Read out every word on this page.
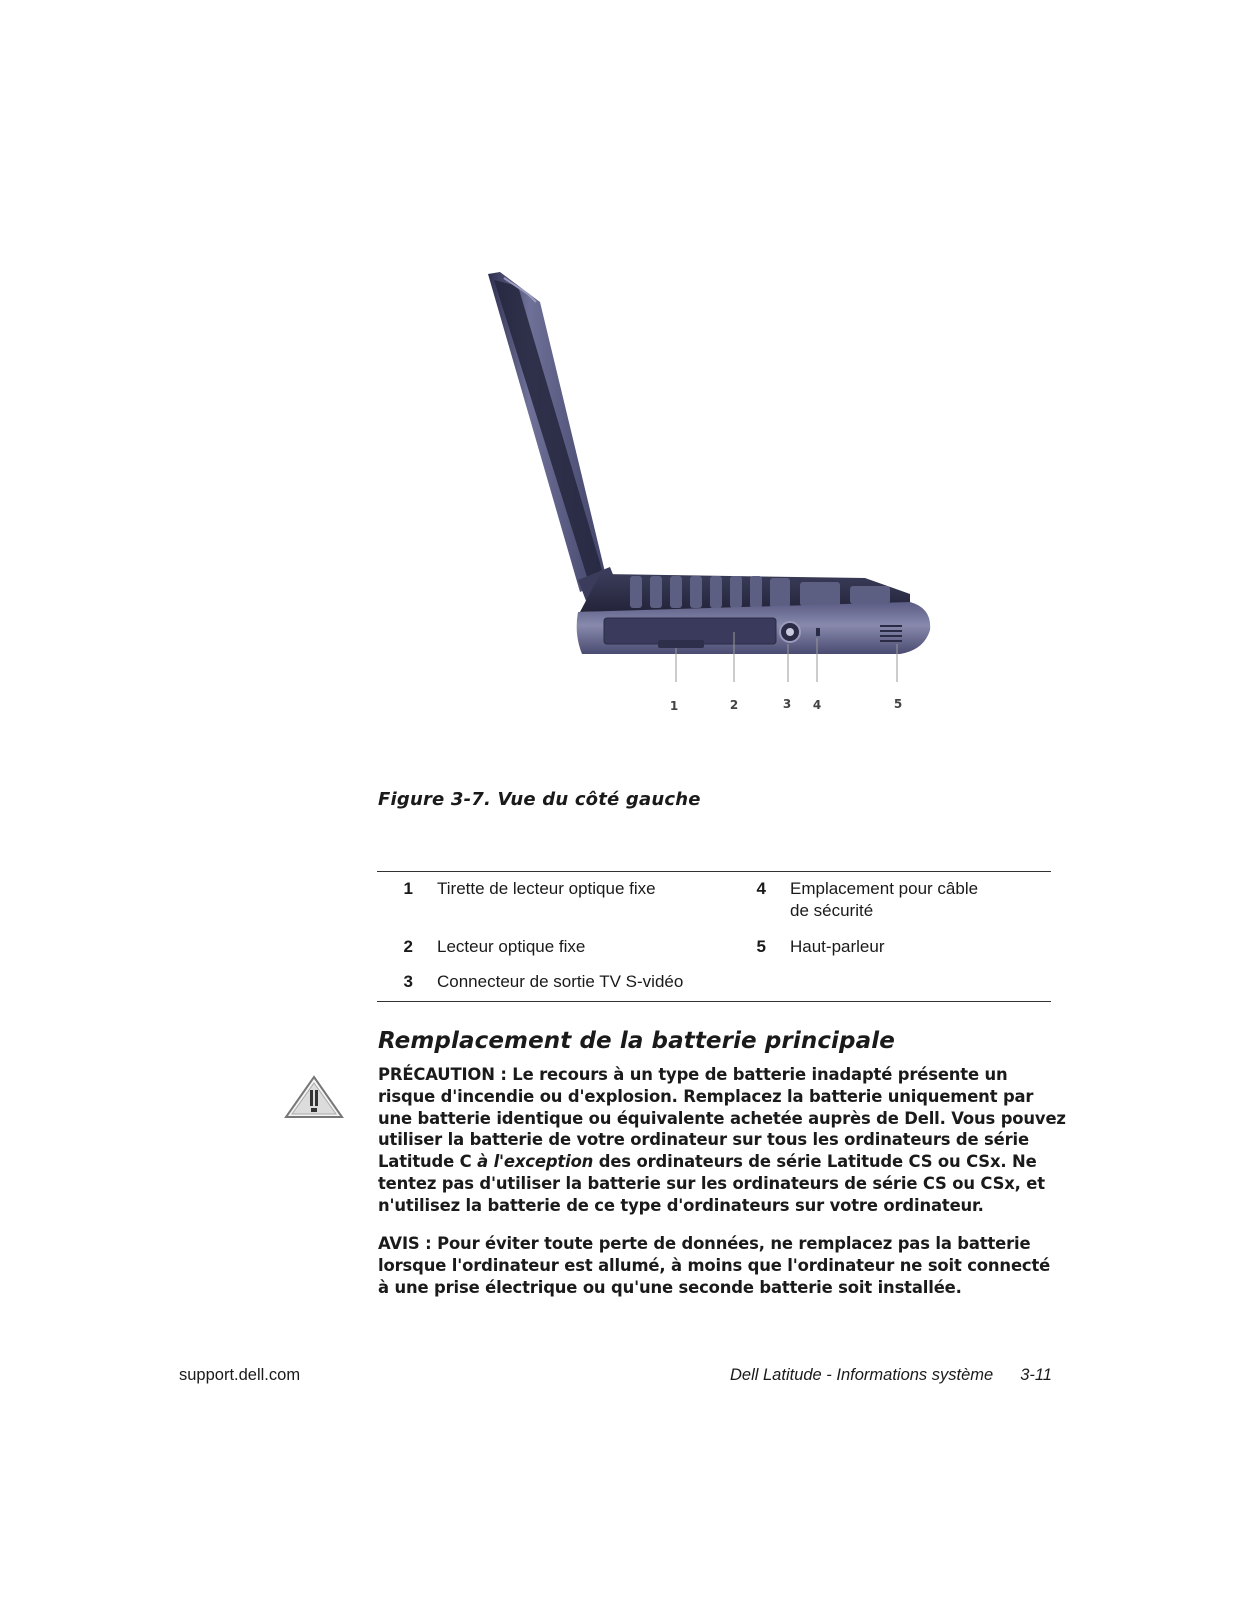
1	2	3 4	5
Figure 3-7. Vue du côté gauche
1 Tirette de lecteur optique fixe
2 Lecteur optique fixe
3 Connecteur de sortie TV S-vidéo
4 Emplacement pour câble
de sécurité
5 Haut-parleur
Remplacement de la batterie principale
PRÉCAUTION : Le recours à un type de batterie inadapté présente un
risque d'incendie ou d'explosion. Remplacez la batterie uniquement par
une batterie identique ou équivalente achetée auprès de Dell. Vous pouvez
utiliser la batterie de votre ordinateur sur tous les ordinateurs de série
Latitude C à l'exception des ordinateurs de série Latitude CS ou CSx. Ne
tentez pas d'utiliser la batterie sur les ordinateurs de série CS ou CSx, et
n'utilisez la batterie de ce type d'ordinateurs sur votre ordinateur.
AVIS : Pour éviter toute perte de données, ne remplacez pas la batterie
lorsque l'ordinateur est allumé, à moins que l'ordinateur ne soit connecté
à une prise électrique ou qu'une seconde batterie soit installée.
support.dell.com	Dell Latitude - Informations système 3-11
